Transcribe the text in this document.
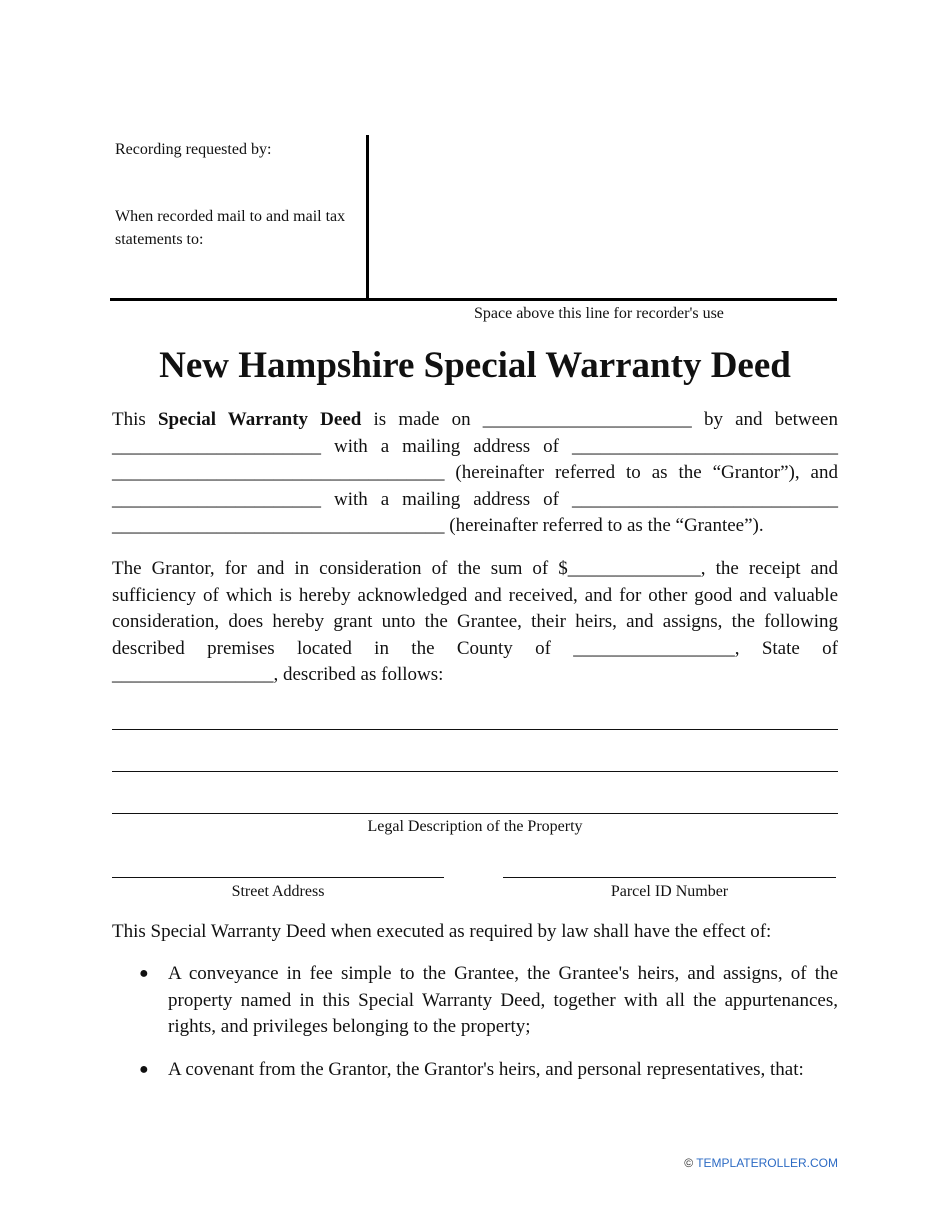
Recording requested by:
When recorded mail to and mail tax statements to:
Space above this line for recorder's use
New Hampshire Special Warranty Deed
This Special Warranty Deed is made on ______________________ by and between
______________________ with a mailing address of ____________________________
___________________________________ (hereinafter referred to as the “Grantor”), and
______________________ with a mailing address of ____________________________
___________________________________ (hereinafter referred to as the “Grantee”).
The Grantor, for and in consideration of the sum of $______________, the receipt and sufficiency of which is hereby acknowledged and received, and for other good and valuable consideration, does hereby grant unto the Grantee, their heirs, and assigns, the following described premises located in the County of _________________, State of _________________, described as follows:
Legal Description of the Property
Street Address	Parcel ID Number
This Special Warranty Deed when executed as required by law shall have the effect of:
● A conveyance in fee simple to the Grantee, the Grantee's heirs, and assigns, of the property named in this Special Warranty Deed, together with all the appurtenances, rights, and privileges belonging to the property;
● A covenant from the Grantor, the Grantor's heirs, and personal representatives, that:
© TEMPLATEROLLER.COM
